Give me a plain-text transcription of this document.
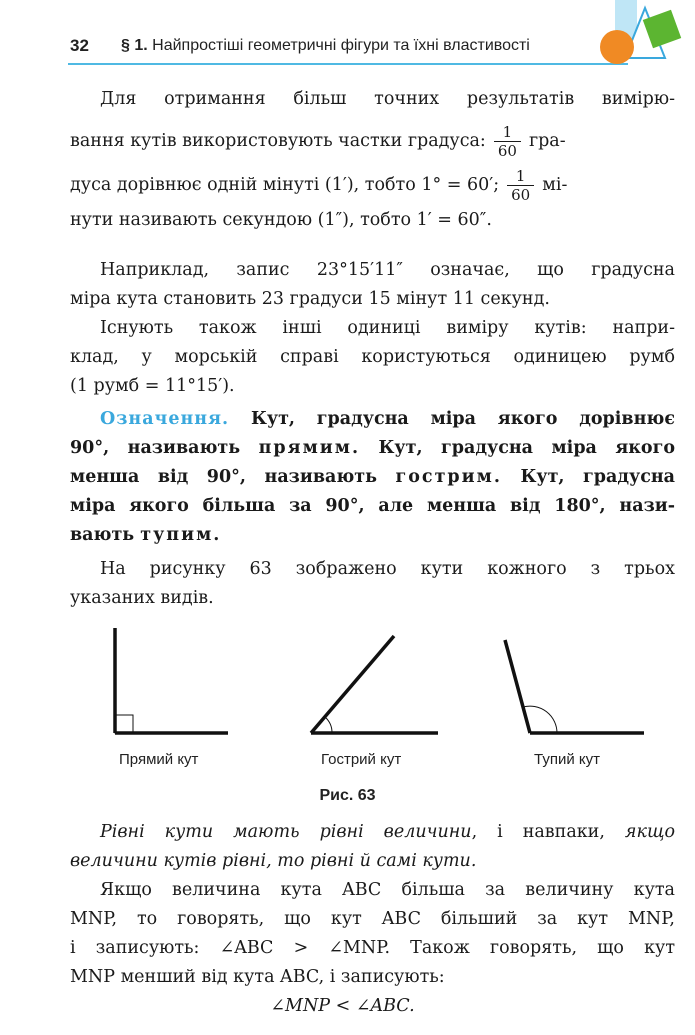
32 § 1. Найпростіші геометричні фігури та їхні властивості
Для отримання більш точних результатів вимірю-
вання кутів використовують частки градуса: $\frac{1}{60} гра-$
дуса дорівнює одній мінуті (1′), тобто 1° = 60′; $\frac{1}{60} мі-$
нути називають секундою (1″), тобто 1′ = 60″.
Наприклад, запис 23°15′11″ означає, що градусна
міра кута становить 23 градуси 15 мінут 11 секунд.
Існують також інші одиниці виміру кутів: напри-
клад, у морській справі користуються одиницею румб
(1 румб = 11°15′).
Означення. Кут, градусна міра якого дорівнює
90°, називають прямим. Кут, градусна міра якого
менша від 90°, називають гострим. Кут, градусна
міра якого більша за 90°, але менша від 180°, нази-
вають тупим.
На рисунку 63 зображено кути кожного з трьох
указаних видів.
Прямий кут	Гострий кут	Тупий кут
Рис. 63
Рівні кути мають рівні величини, і навпаки, якщо
величини кутів рівні, то рівні й самі кути.
Якщо величина кута ABC більша за величину кута
MNP, то говорять, що кут ABC більший за кут MNP,
і записують: ∠ABC > ∠MNP. Також говорять, що кут
MNP менший від кута ABC, і записують:
∠MNP < ∠ABC.
